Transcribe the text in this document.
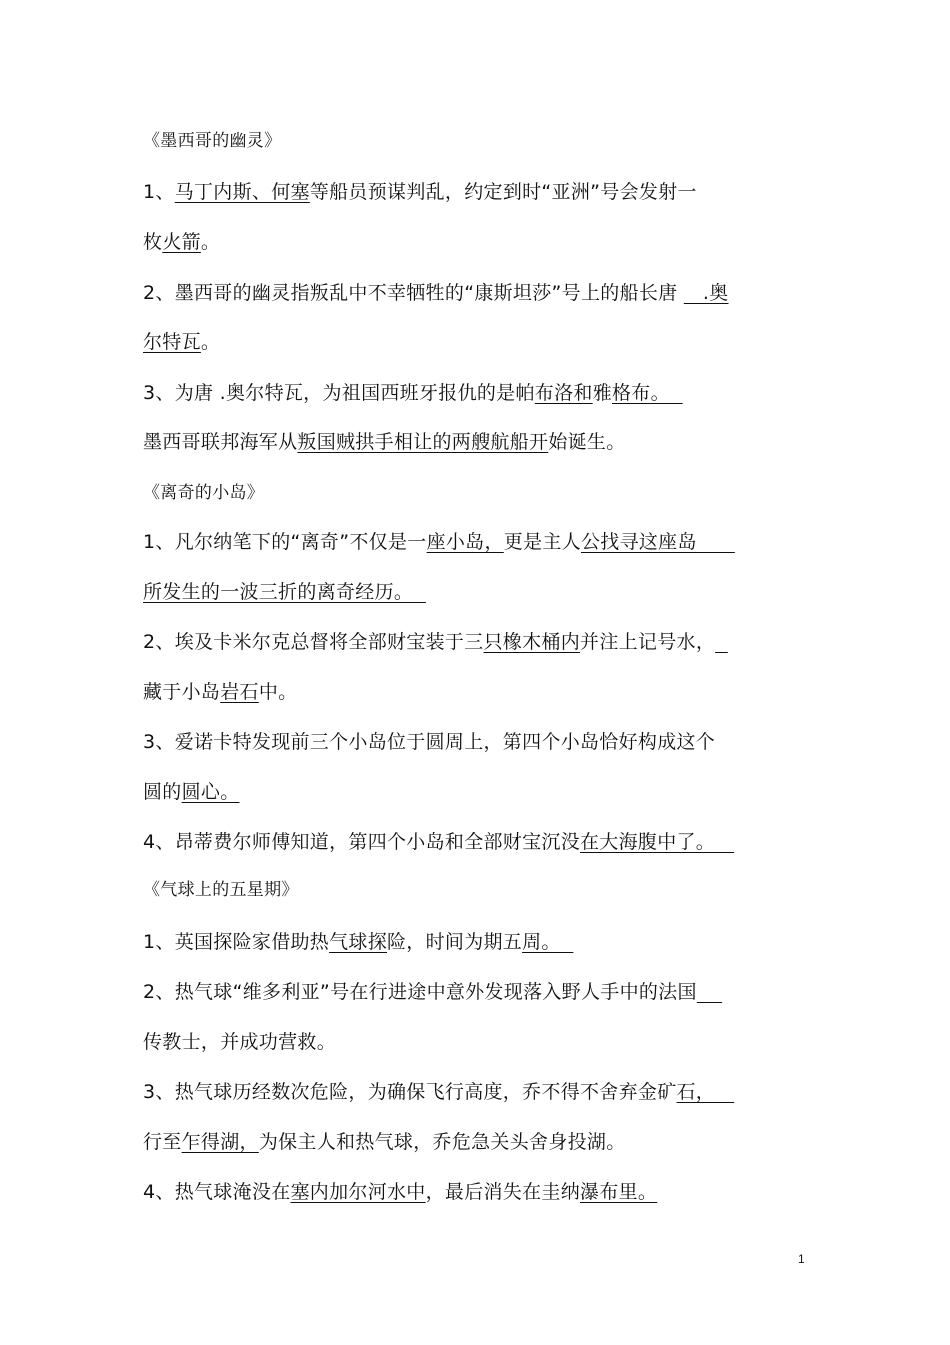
《墨西哥的幽灵》
1、马丁内斯、何塞等船员预谋判乱，约定到时“亚洲”号会发射一
枚火箭。
2、墨西哥的幽灵指叛乱中不幸牺牲的“康斯坦莎”号上的船长唐    .奥
尔特瓦。
3、为唐 .奥尔特瓦，为祖国西班牙报仇的是帕布洛和雅格布。
墨西哥联邦海军从叛国贼拱手相让的两艘航船开始诞生。
《离奇的小岛》
1、凡尔纳笔下的“离奇”不仅是一座小岛，更是主人公找寻这座岛
所发生的一波三折的离奇经历。
2、埃及卡米尔克总督将全部财宝装于三只橡木桶内并注上记号水，
藏于小岛岩石中。
3、爱诺卡特发现前三个小岛位于圆周上，第四个小岛恰好构成这个
圆的圆心。
4、昂蒂费尔师傅知道，第四个小岛和全部财宝沉没在大海腹中了。
《气球上的五星期》
1、英国探险家借助热气球探险，时间为期五周。
2、热气球“维多利亚”号在行进途中意外发现落入野人手中的法国
传教士，并成功营救。
3、热气球历经数次危险，为确保飞行高度，乔不得不舍弃金矿石，
行至乍得湖，为保主人和热气球，乔危急关头舍身投湖。
4、热气球淹没在塞内加尔河水中，最后消失在圭纳瀑布里。
1
